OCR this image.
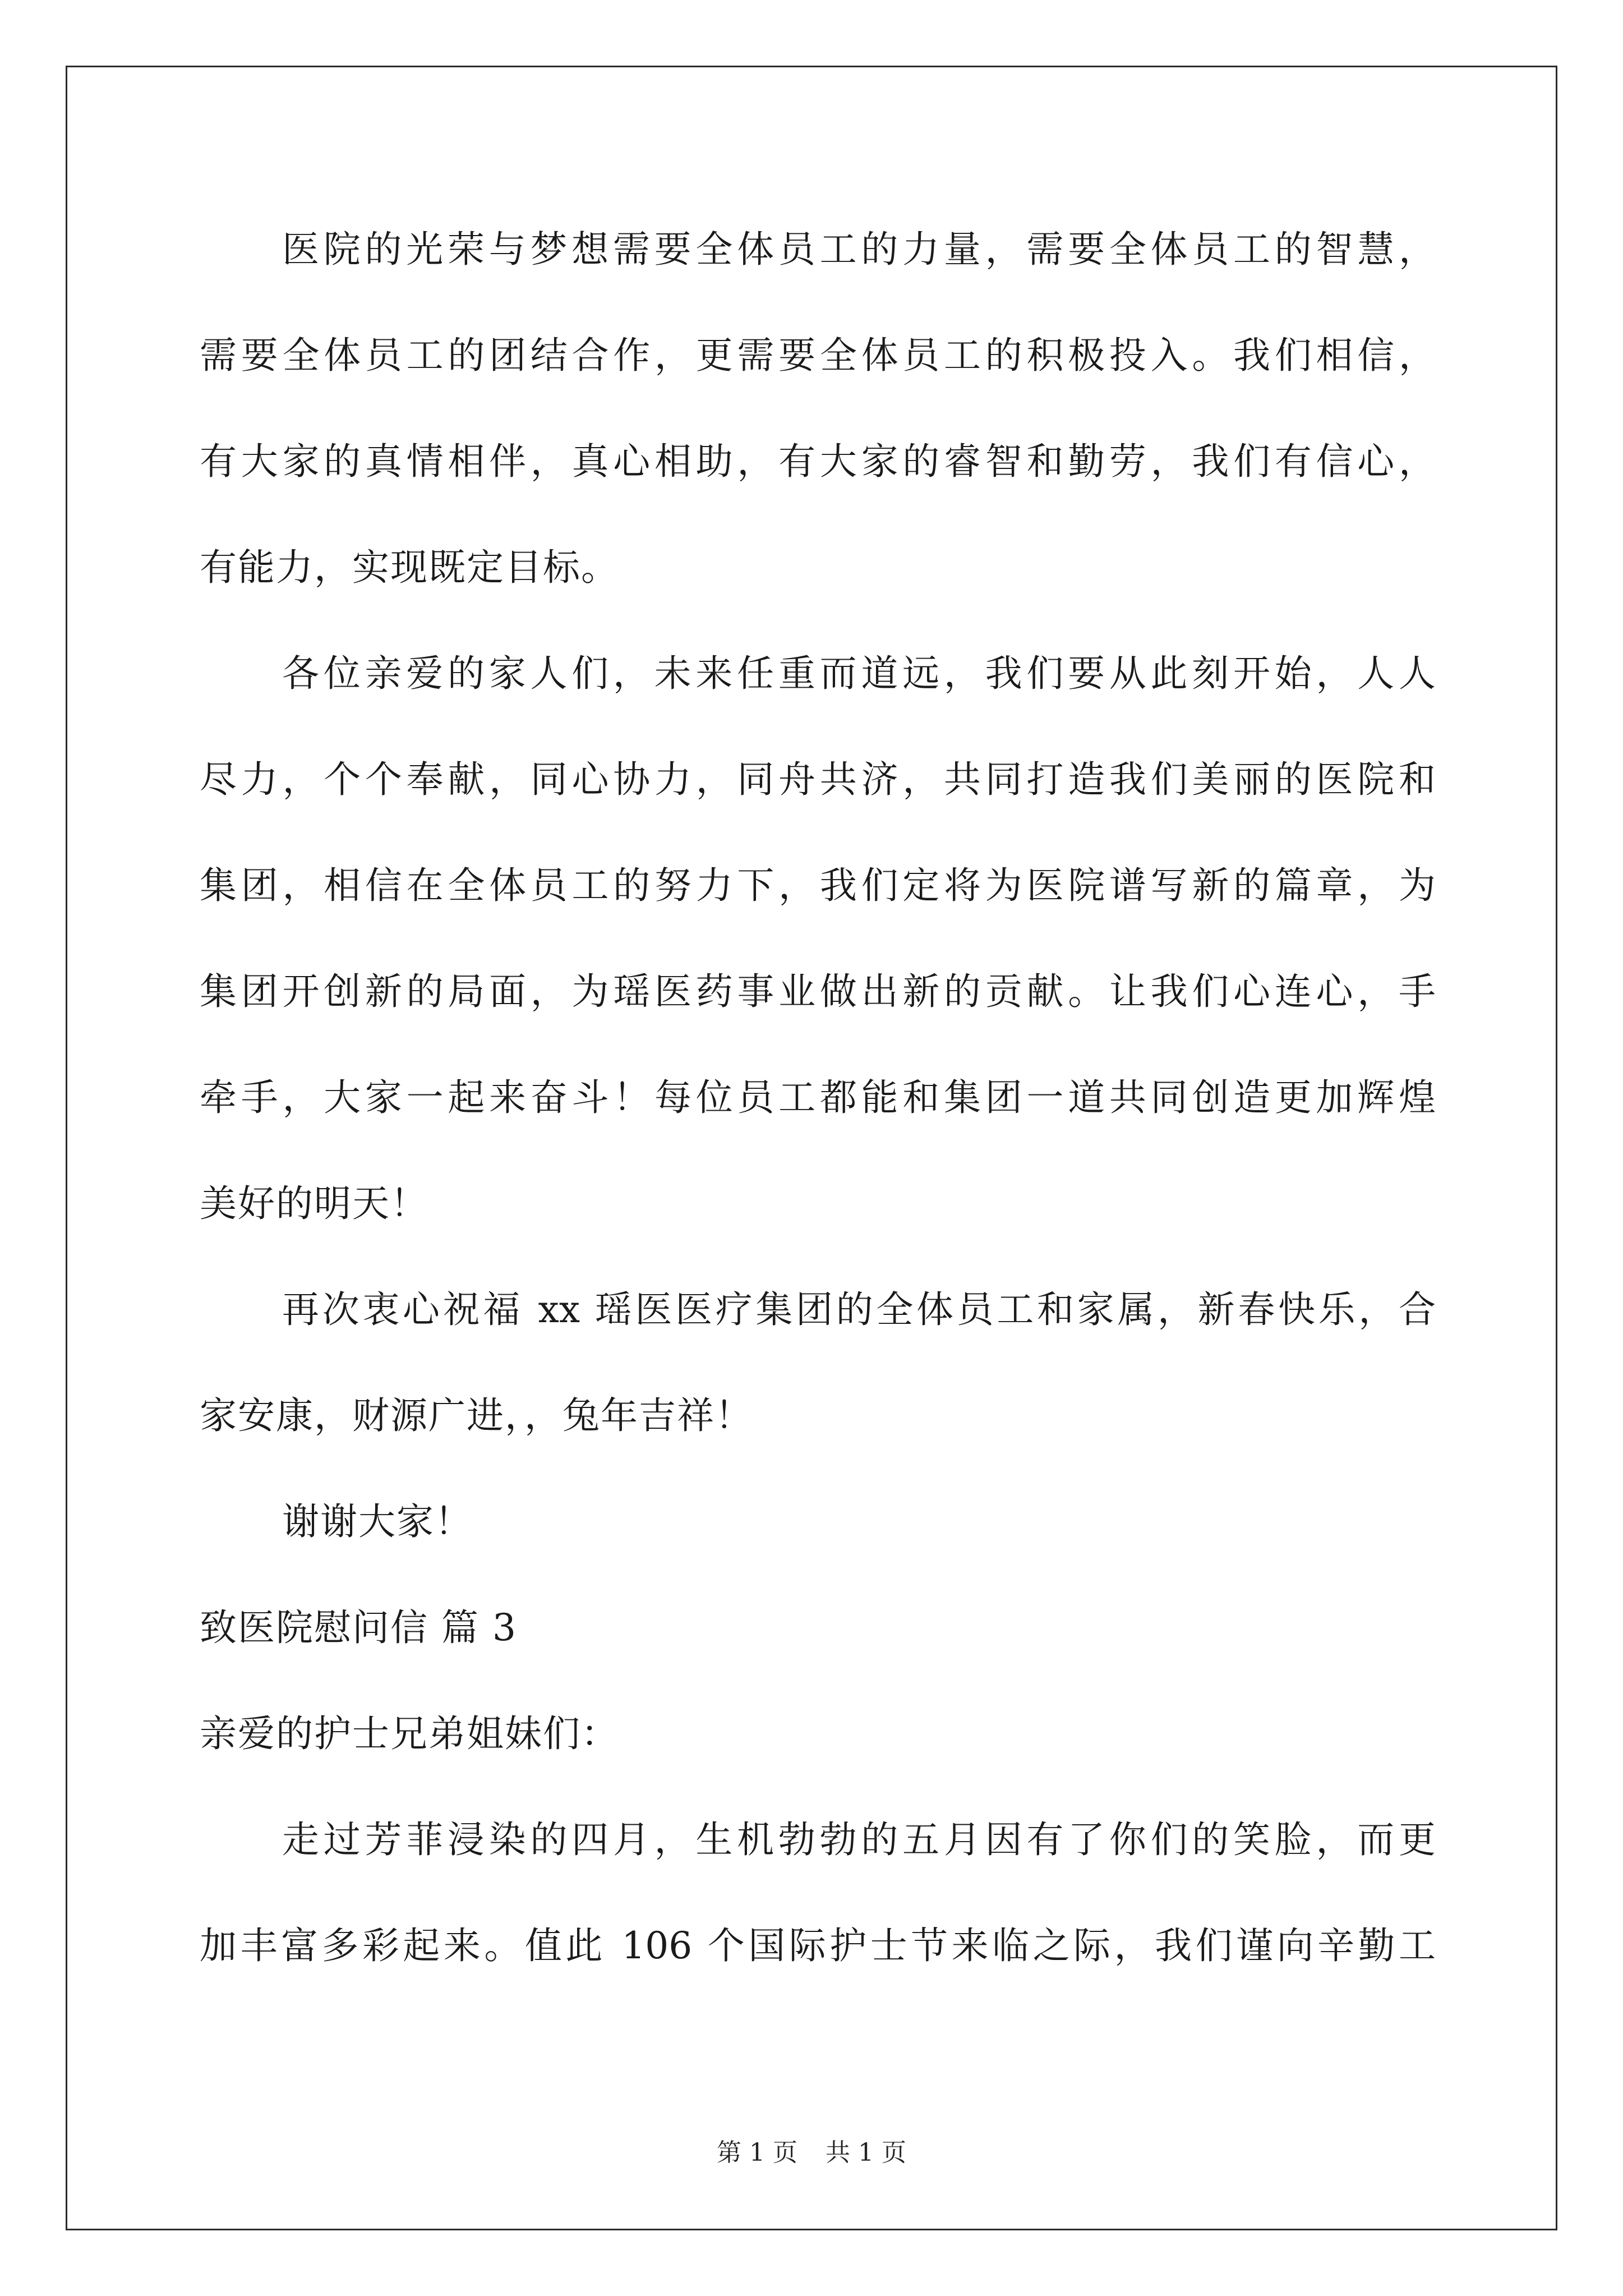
医院的光荣与梦想需要全体员工的力量，需要全体员工的智慧，
需要全体员工的团结合作，更需要全体员工的积极投入。我们相信，
有大家的真情相伴，真心相助，有大家的睿智和勤劳，我们有信心，
有能力，实现既定目标。
各位亲爱的家人们，未来任重而道远，我们要从此刻开始，人人
尽力，个个奉献，同心协力，同舟共济，共同打造我们美丽的医院和
集团，相信在全体员工的努力下，我们定将为医院谱写新的篇章，为
集团开创新的局面，为瑶医药事业做出新的贡献。让我们心连心，手
牵手，大家一起来奋斗！每位员工都能和集团一道共同创造更加辉煌
美好的明天！
再次衷心祝福 xx 瑶医医疗集团的全体员工和家属，新春快乐，合
家安康，财源广进，，兔年吉祥！
谢谢大家！
致医院慰问信 篇 3
亲爱的护士兄弟姐妹们：
走过芳菲浸染的四月，生机勃勃的五月因有了你们的笑脸，而更
加丰富多彩起来。值此 106 个国际护士节来临之际，我们谨向辛勤工
第 1 页 共 1 页
